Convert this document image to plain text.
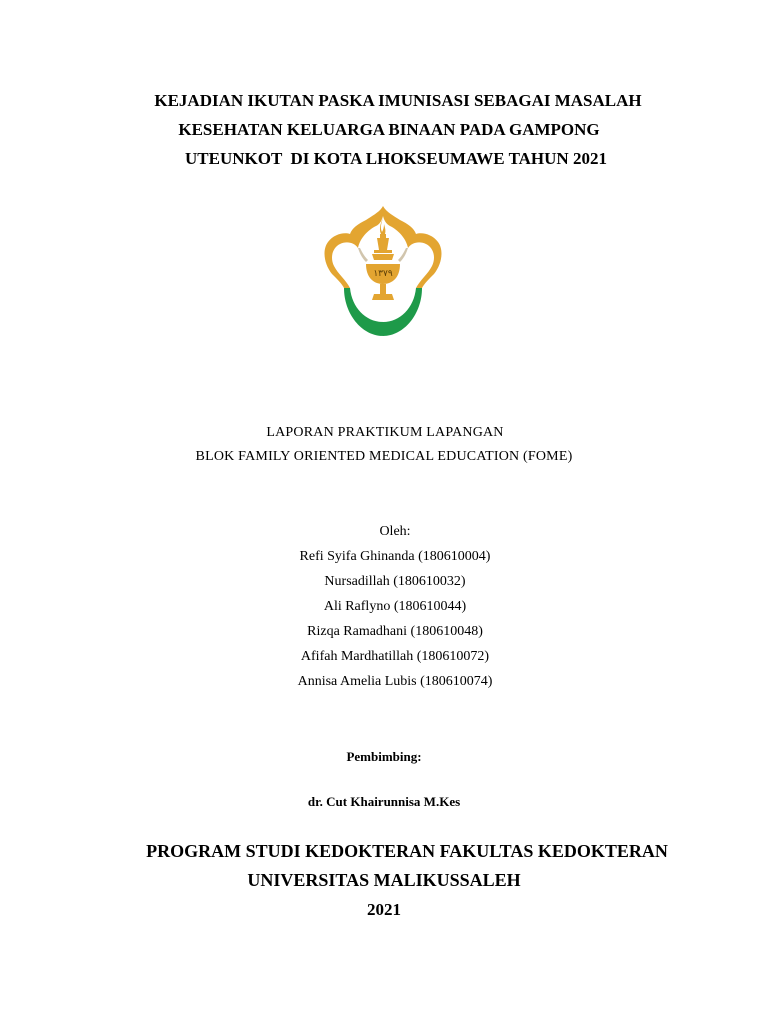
KEJADIAN IKUTAN PASKA IMUNISASI SEBAGAI MASALAH
KESEHATAN KELUARGA BINAAN PADA GAMPONG
UTEUNKOT  DI KOTA LHOKSEUMAWE TAHUN 2021
١٣٧٩
LAPORAN PRAKTIKUM LAPANGAN
BLOK FAMILY ORIENTED MEDICAL EDUCATION (FOME)
Oleh:
Refi Syifa Ghinanda (180610004)
Nursadillah (180610032)
Ali Raflyno (180610044)
Rizqa Ramadhani (180610048)
Afifah Mardhatillah (180610072)
Annisa Amelia Lubis (180610074)
Pembimbing:
dr. Cut Khairunnisa M.Kes
PROGRAM STUDI KEDOKTERAN FAKULTAS KEDOKTERAN
UNIVERSITAS MALIKUSSALEH
2021
